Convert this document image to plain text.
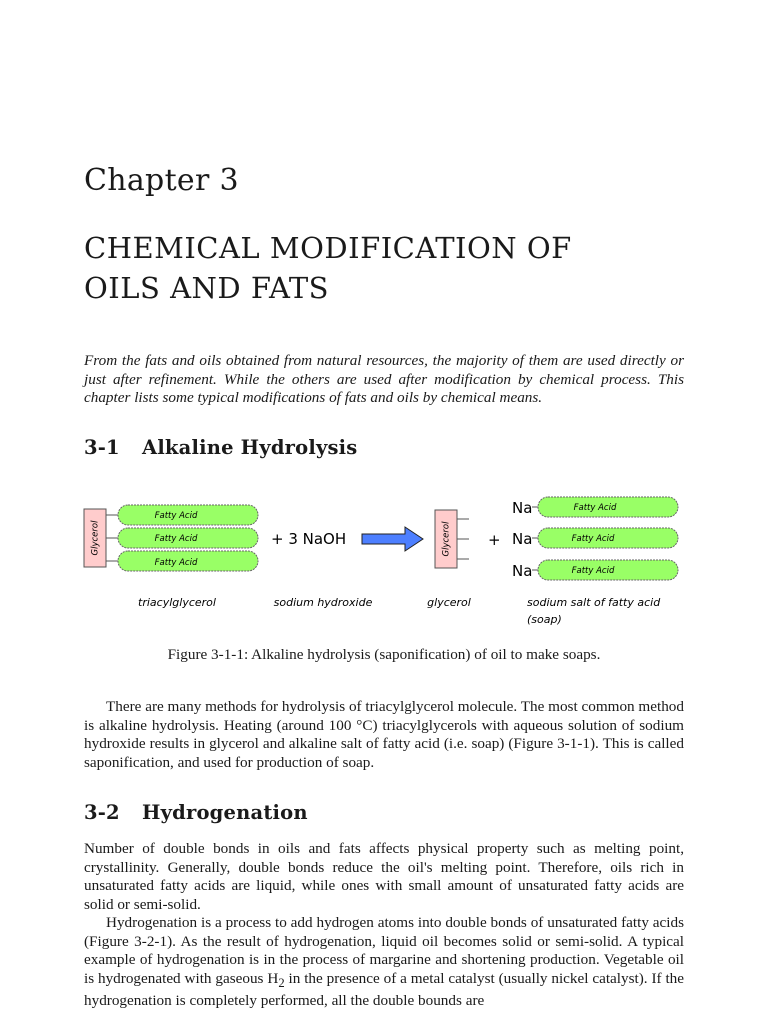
Chapter 3
CHEMICAL MODIFICATION OF
OILS AND FATS

From the fats and oils obtained from natural resources, the majority of them are used directly or just after refinement. While the others are used after modification by chemical process. This chapter lists some typical modifications of fats and oils by chemical means.

3-1 Alkaline Hydrolysis
Glycerol
Fatty Acid
Fatty Acid
Fatty Acid
+ 3 NaOH	Glycerol +
Na	Fatty Acid
Na	Fatty Acid
Na	Fatty Acid
triacylglycerol	sodium hydroxide	glycerol	sodium salt of fatty acid
(soap)

Figure 3-1-1: Alkaline hydrolysis (saponification) of oil to make soaps.

There are many methods for hydrolysis of triacylglycerol molecule. The most common method is alkaline hydrolysis. Heating (around 100 °C) triacylglycerols with aqueous solution of sodium hydroxide results in glycerol and alkaline salt of fatty acid (i.e. soap) (Figure 3-1-1). This is called saponification, and used for production of soap.

3-2 Hydrogenation

Number of double bonds in oils and fats affects physical property such as melting point, crystallinity. Generally, double bonds reduce the oil's melting point. Therefore, oils rich in unsaturated fatty acids are liquid, while ones with small amount of unsaturated fatty acids are solid or semi-solid.

Hydrogenation is a process to add hydrogen atoms into double bonds of unsaturated fatty acids (Figure 3-2-1). As the result of hydrogenation, liquid oil becomes solid or semi-solid. A typical example of hydrogenation is in the process of margarine and shortening production. Vegetable oil is hydrogenated with gaseous $H_2$ in the presence of a metal catalyst (usually nickel catalyst). If the hydrogenation is completely performed, all the double bounds are
